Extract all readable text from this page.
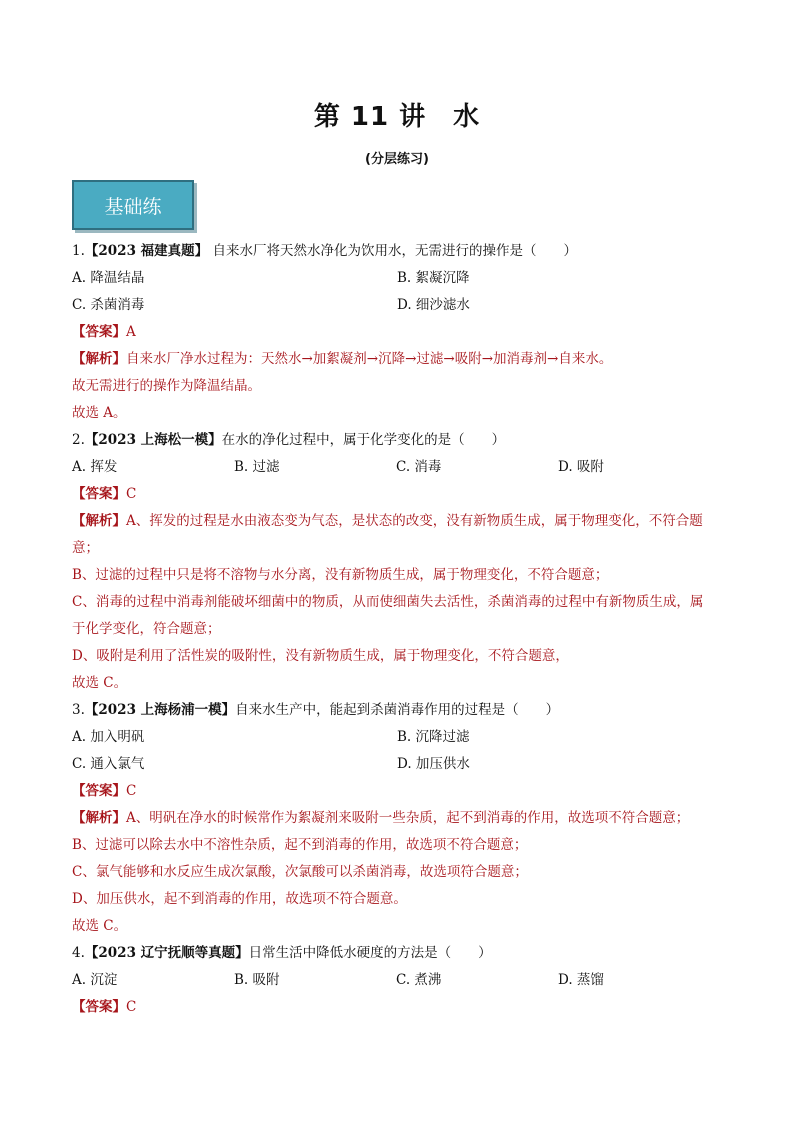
第 11 讲　水
(分层练习)
基础练
1.【2023 福建真题】 自来水厂将天然水净化为饮用水，无需进行的操作是（　　）
A. 降温结晶	B. 絮凝沉降
C. 杀菌消毒	D. 细沙滤水
【答案】A
【解析】自来水厂净水过程为：天然水→加絮凝剂→沉降→过滤→吸附→加消毒剂→自来水。
故无需进行的操作为降温结晶。
故选 A。
2.【2023 上海松一模】在水的净化过程中，属于化学变化的是（　　）
A. 挥发	B. 过滤	C. 消毒	D. 吸附
【答案】C
【解析】A、挥发的过程是水由液态变为气态，是状态的改变，没有新物质生成，属于物理变化，不符合题
意；
B、过滤的过程中只是将不溶物与水分离，没有新物质生成，属于物理变化，不符合题意；
C、消毒的过程中消毒剂能破坏细菌中的物质，从而使细菌失去活性，杀菌消毒的过程中有新物质生成，属
于化学变化，符合题意；
D、吸附是利用了活性炭的吸附性，没有新物质生成，属于物理变化，不符合题意，
故选 C。
3.【2023 上海杨浦一模】自来水生产中，能起到杀菌消毒作用的过程是（　　）
A. 加入明矾	B. 沉降过滤
C. 通入氯气	D. 加压供水
【答案】C
【解析】A、明矾在净水的时候常作为絮凝剂来吸附一些杂质，起不到消毒的作用，故选项不符合题意；
B、过滤可以除去水中不溶性杂质，起不到消毒的作用，故选项不符合题意；
C、氯气能够和水反应生成次氯酸，次氯酸可以杀菌消毒，故选项符合题意；
D、加压供水，起不到消毒的作用，故选项不符合题意。
故选 C。
4.【2023 辽宁抚顺等真题】日常生活中降低水硬度的方法是（　　）
A. 沉淀	B. 吸附	C. 煮沸	D. 蒸馏
【答案】C
